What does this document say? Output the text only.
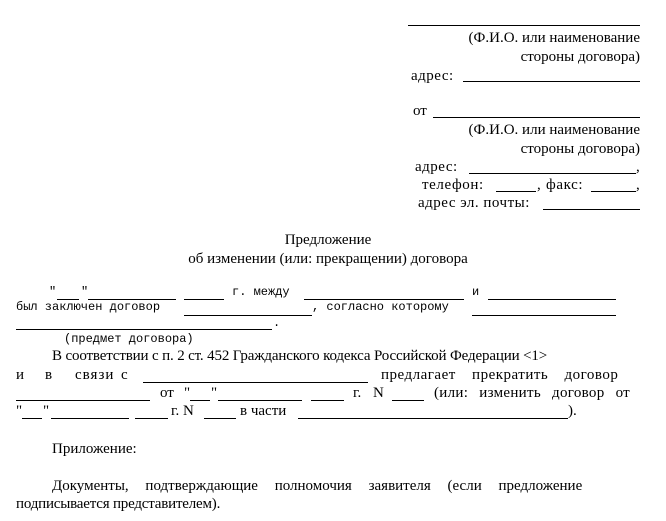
(Ф.И.О. или наименование
стороны договора)
адрес:
от
(Ф.И.О. или наименование
стороны договора)
адрес:	,
телефон:	, факс:	,
адрес эл. почты:
Предложение
об изменении (или: прекращении) договора
" "	г. между	и
был заключен договор	, согласно которому
.
(предмет договора)
В соответствии с п. 2 ст. 452 Гражданского кодекса Российской Федерации <1>
и в связи с	предлагает прекратить договор
от " "	г. N	(или: изменить договор от
" "	г. N	в части	).
Приложение:
Документы, подтверждающие полномочия заявителя (если предложение
подписывается представителем).
